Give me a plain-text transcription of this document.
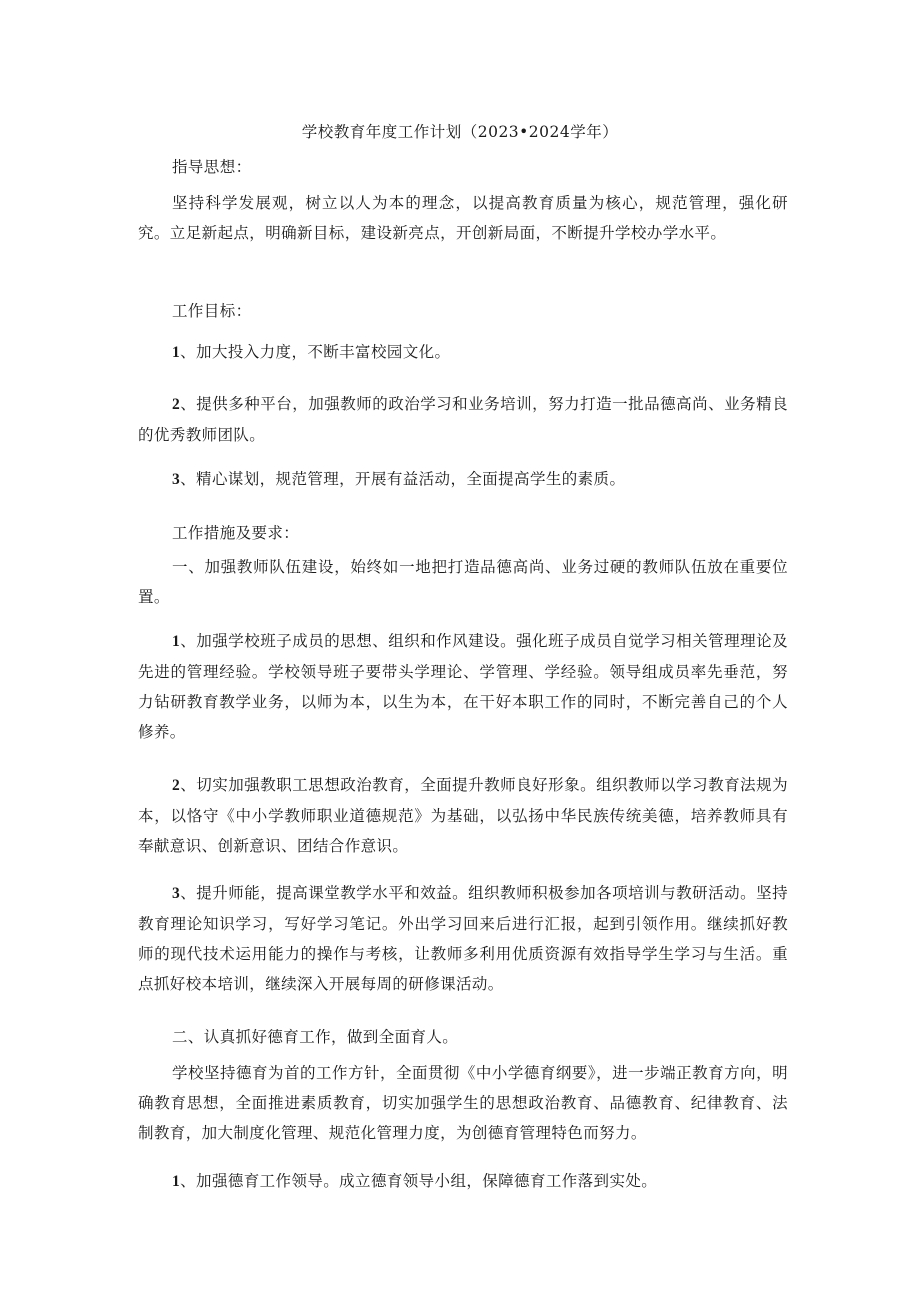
学校教育年度工作计划（2023•2024学年）

指导思想：

坚持科学发展观，树立以人为本的理念，以提高教育质量为核心，规范管理，强化研究。立足新起点，明确新目标，建设新亮点，开创新局面，不断提升学校办学水平。

工作目标：

1、加大投入力度，不断丰富校园文化。

2、提供多种平台，加强教师的政治学习和业务培训，努力打造一批品德高尚、业务精良的优秀教师团队。

3、精心谋划，规范管理，开展有益活动，全面提高学生的素质。

工作措施及要求：

一、加强教师队伍建设，始终如一地把打造品德高尚、业务过硬的教师队伍放在重要位置。

1、加强学校班子成员的思想、组织和作风建设。强化班子成员自觉学习相关管理理论及先进的管理经验。学校领导班子要带头学理论、学管理、学经验。领导组成员率先垂范，努力钻研教育教学业务，以师为本，以生为本，在干好本职工作的同时，不断完善自己的个人修养。

2、切实加强教职工思想政治教育，全面提升教师良好形象。组织教师以学习教育法规为本，以恪守《中小学教师职业道德规范》为基础，以弘扬中华民族传统美德，培养教师具有奉献意识、创新意识、团结合作意识。

3、提升师能，提高课堂教学水平和效益。组织教师积极参加各项培训与教研活动。坚持教育理论知识学习，写好学习笔记。外出学习回来后进行汇报，起到引领作用。继续抓好教师的现代技术运用能力的操作与考核，让教师多利用优质资源有效指导学生学习与生活。重点抓好校本培训，继续深入开展每周的研修课活动。

二、认真抓好德育工作，做到全面育人。

学校坚持德育为首的工作方针，全面贯彻《中小学德育纲要》，进一步端正教育方向，明确教育思想，全面推进素质教育，切实加强学生的思想政治教育、品德教育、纪律教育、法制教育，加大制度化管理、规范化管理力度，为创德育管理特色而努力。

1、加强德育工作领导。成立德育领导小组，保障德育工作落到实处。
